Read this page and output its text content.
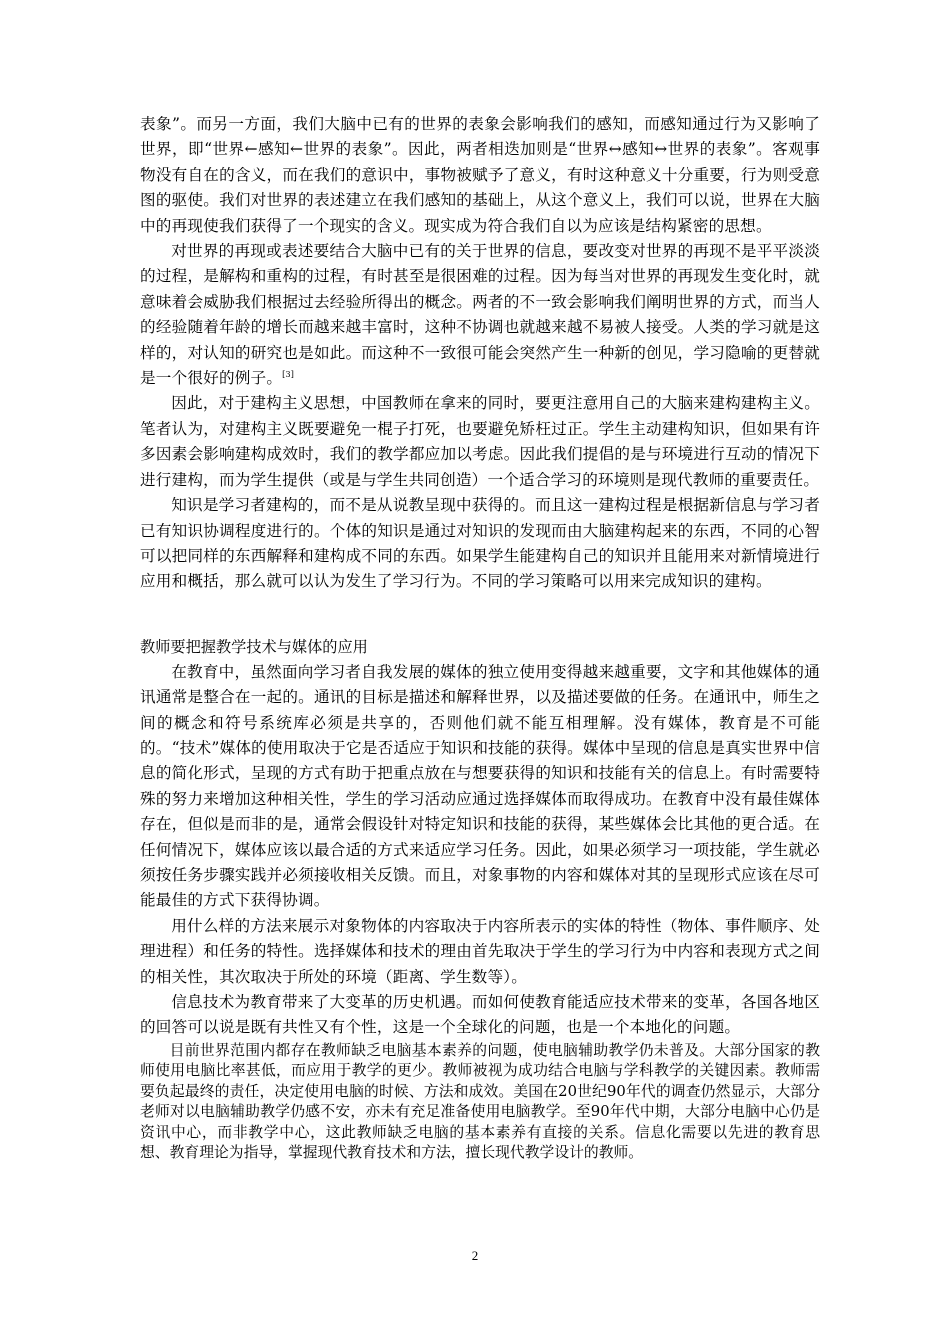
表象”。而另一方面，我们大脑中已有的世界的表象会影响我们的感知，而感知通过行为又影响了世界，即“世界←感知←世界的表象”。因此，两者相迭加则是“世界↔感知↔世界的表象”。客观事物没有自在的含义，而在我们的意识中，事物被赋予了意义，有时这种意义十分重要，行为则受意图的驱使。我们对世界的表述建立在我们感知的基础上，从这个意义上，我们可以说，世界在大脑中的再现使我们获得了一个现实的含义。现实成为符合我们自以为应该是结构紧密的思想。

对世界的再现或表述要结合大脑中已有的关于世界的信息，要改变对世界的再现不是平平淡淡的过程，是解构和重构的过程，有时甚至是很困难的过程。因为每当对世界的再现发生变化时，就意味着会威胁我们根据过去经验所得出的概念。两者的不一致会影响我们阐明世界的方式，而当人的经验随着年龄的增长而越来越丰富时，这种不协调也就越来越不易被人接受。人类的学习就是这样的，对认知的研究也是如此。而这种不一致很可能会突然产生一种新的创见，学习隐喻的更替就是一个很好的例子。[3]

因此，对于建构主义思想，中国教师在拿来的同时，要更注意用自己的大脑来建构建构主义。笔者认为，对建构主义既要避免一棍子打死，也要避免矫枉过正。学生主动建构知识，但如果有许多因素会影响建构成效时，我们的教学都应加以考虑。因此我们提倡的是与环境进行互动的情况下进行建构，而为学生提供（或是与学生共同创造）一个适合学习的环境则是现代教师的重要责任。

知识是学习者建构的，而不是从说教呈现中获得的。而且这一建构过程是根据新信息与学习者已有知识协调程度进行的。个体的知识是通过对知识的发现而由大脑建构起来的东西，不同的心智可以把同样的东西解释和建构成不同的东西。如果学生能建构自己的知识并且能用来对新情境进行应用和概括，那么就可以认为发生了学习行为。不同的学习策略可以用来完成知识的建构。

教师要把握教学技术与媒体的应用

在教育中，虽然面向学习者自我发展的媒体的独立使用变得越来越重要，文字和其他媒体的通讯通常是整合在一起的。通讯的目标是描述和解释世界，以及描述要做的任务。在通讯中，师生之间的概念和符号系统库必须是共享的，否则他们就不能互相理解。没有媒体，教育是不可能的。“技术”媒体的使用取决于它是否适应于知识和技能的获得。媒体中呈现的信息是真实世界中信息的简化形式，呈现的方式有助于把重点放在与想要获得的知识和技能有关的信息上。有时需要特殊的努力来增加这种相关性，学生的学习活动应通过选择媒体而取得成功。在教育中没有最佳媒体存在，但似是而非的是，通常会假设针对特定知识和技能的获得，某些媒体会比其他的更合适。在任何情况下，媒体应该以最合适的方式来适应学习任务。因此，如果必须学习一项技能，学生就必须按任务步骤实践并必须接收相关反馈。而且，对象事物的内容和媒体对其的呈现形式应该在尽可能最佳的方式下获得协调。

用什么样的方法来展示对象物体的内容取决于内容所表示的实体的特性（物体、事件顺序、处理进程）和任务的特性。选择媒体和技术的理由首先取决于学生的学习行为中内容和表现方式之间的相关性，其次取决于所处的环境（距离、学生数等）。

信息技术为教育带来了大变革的历史机遇。而如何使教育能适应技术带来的变革，各国各地区的回答可以说是既有共性又有个性，这是一个全球化的问题，也是一个本地化的问题。

目前世界范围内都存在教师缺乏电脑基本素养的问题，使电脑辅助教学仍未普及。大部分国家的教师使用电脑比率甚低，而应用于教学的更少。教师被视为成功结合电脑与学科教学的关键因素。教师需要负起最终的责任，决定使用电脑的时候、方法和成效。美国在20世纪90年代的调查仍然显示，大部分老师对以电脑辅助教学仍感不安，亦未有充足准备使用电脑教学。至90年代中期，大部分电脑中心仍是资讯中心，而非教学中心，这此教师缺乏电脑的基本素养有直接的关系。信息化需要以先进的教育思想、教育理论为指导，掌握现代教育技术和方法，擅长现代教学设计的教师。

2
